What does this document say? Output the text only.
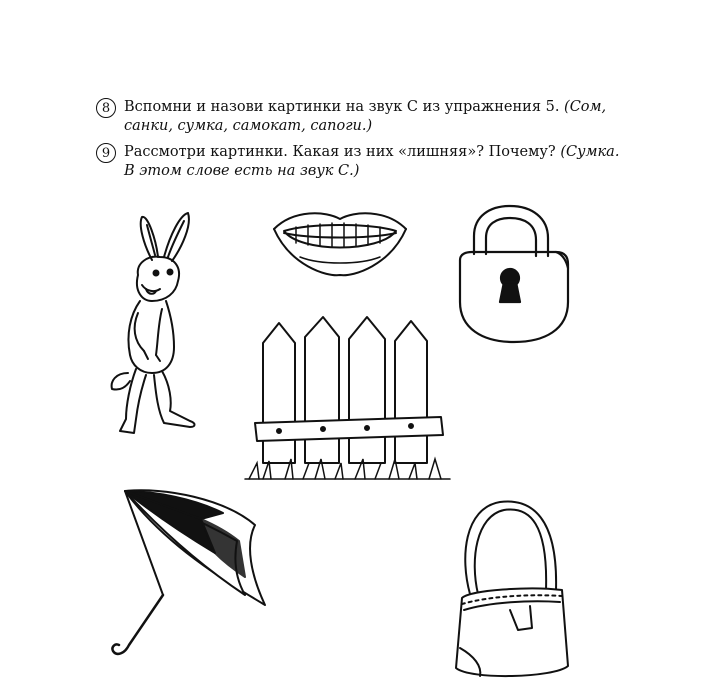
8 Вспомни и назови картинки на звук С из упражнения 5. (Сом,
санки, сумка, самокат, сапоги.)
9 Рассмотри картинки. Какая из них «лишняя»? Почему? (Сумка.
В этом слове есть на звук С.)
